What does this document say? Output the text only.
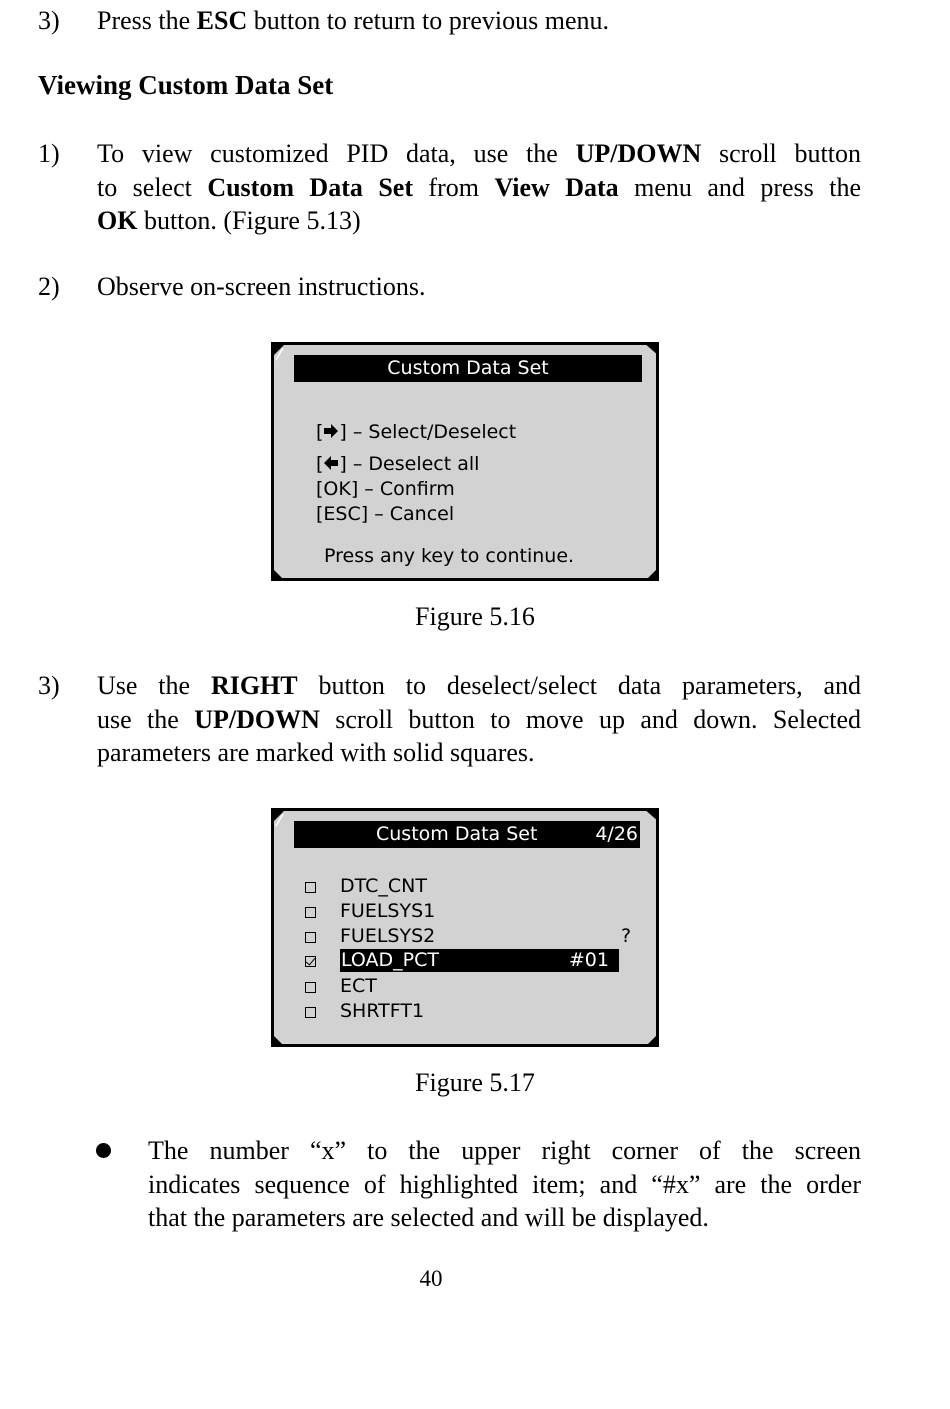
3) Press the ESC button to return to previous menu.
Viewing Custom Data Set
1) To view customized PID data, use the UP/DOWN scroll button
to select Custom Data Set from View Data menu and press the
OK button. (Figure 5.13)
2) Observe on-screen instructions.
Custom Data Set
[ ] – Select/Deselect
[ ] – Deselect all
[OK] – Confirm
[ESC] – Cancel
Press any key to continue.
Figure 5.16
3) Use the RIGHT button to deselect/select data parameters, and
use the UP/DOWN scroll button to move up and down. Selected
parameters are marked with solid squares.
Custom Data Set	4/26
DTC_CNT
FUELSYS1
FUELSYS2
LOAD_PCT	#01
ECT
SHRTFT1
?
Figure 5.17
The number “x” to the upper right corner of the screen
indicates sequence of highlighted item; and “#x” are the order
that the parameters are selected and will be displayed.
40
